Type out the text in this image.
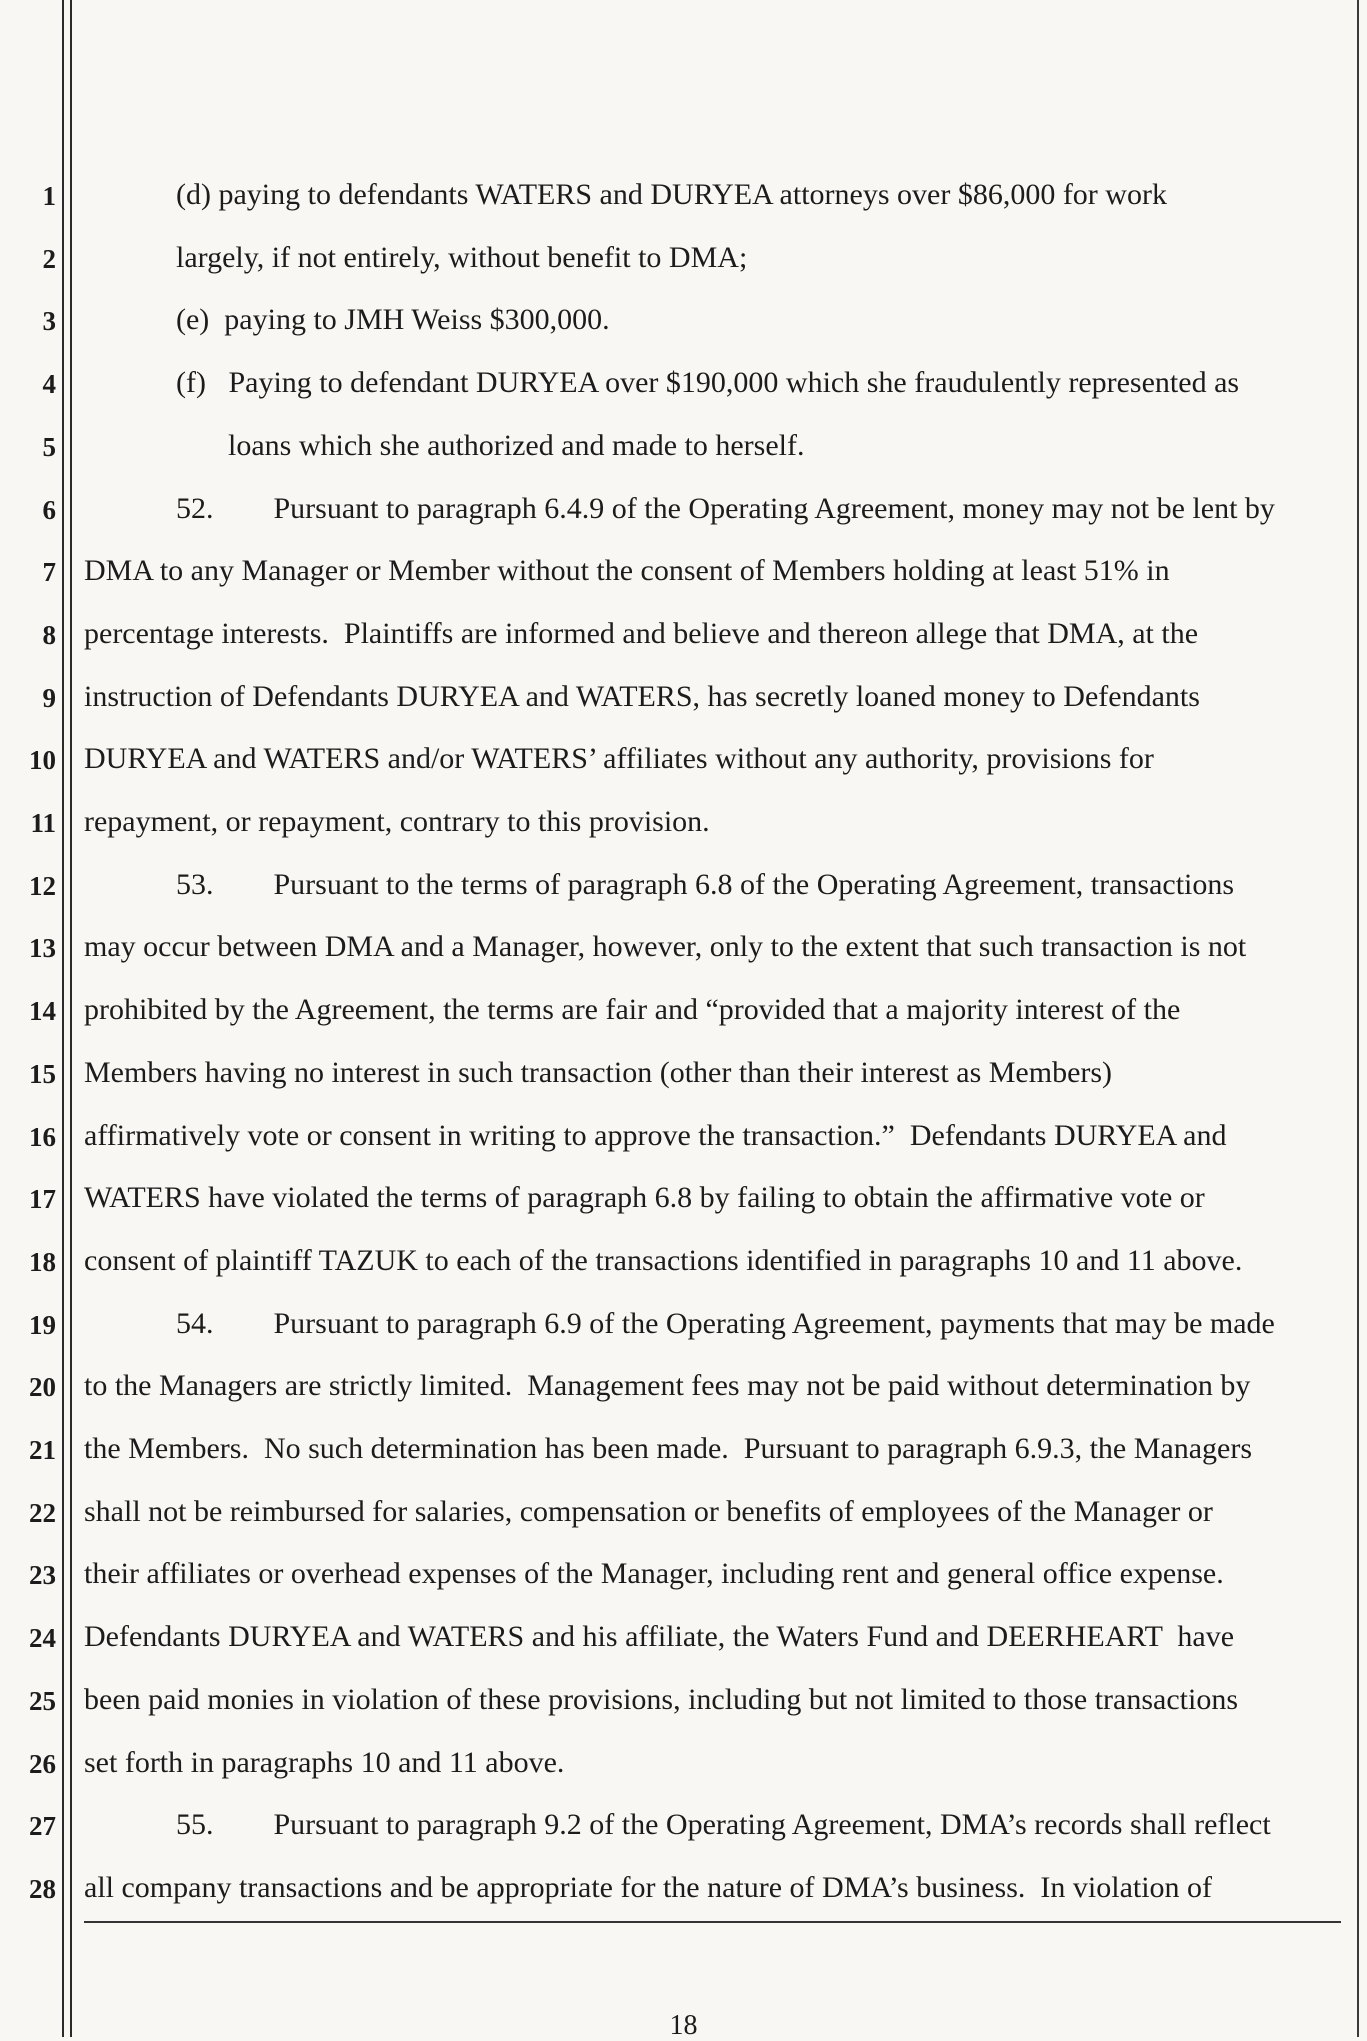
1
2
3
4
5
6
7
8
9
10
11
12
13
14
15
16
17
18
19
20
21
22
23
24
25
26
27
28
(d) paying to defendants WATERS and DURYEA attorneys over $86,000 for work
largely, if not entirely, without benefit to DMA;
(e)  paying to JMH Weiss $300,000.
(f)   Paying to defendant DURYEA over $190,000 which she fraudulently represented as
loans which she authorized and made to herself.
52.        Pursuant to paragraph 6.4.9 of the Operating Agreement, money may not be lent by
DMA to any Manager or Member without the consent of Members holding at least 51% in
percentage interests.  Plaintiffs are informed and believe and thereon allege that DMA, at the
instruction of Defendants DURYEA and WATERS, has secretly loaned money to Defendants
DURYEA and WATERS and/or WATERS’ affiliates without any authority, provisions for
repayment, or repayment, contrary to this provision.
53.        Pursuant to the terms of paragraph 6.8 of the Operating Agreement, transactions
may occur between DMA and a Manager, however, only to the extent that such transaction is not
prohibited by the Agreement, the terms are fair and “provided that a majority interest of the
Members having no interest in such transaction (other than their interest as Members)
affirmatively vote or consent in writing to approve the transaction.”  Defendants DURYEA and
WATERS have violated the terms of paragraph 6.8 by failing to obtain the affirmative vote or
consent of plaintiff TAZUK to each of the transactions identified in paragraphs 10 and 11 above.
54.        Pursuant to paragraph 6.9 of the Operating Agreement, payments that may be made
to the Managers are strictly limited.  Management fees may not be paid without determination by
the Members.  No such determination has been made.  Pursuant to paragraph 6.9.3, the Managers
shall not be reimbursed for salaries, compensation or benefits of employees of the Manager or
their affiliates or overhead expenses of the Manager, including rent and general office expense.
Defendants DURYEA and WATERS and his affiliate, the Waters Fund and DEERHEART  have
been paid monies in violation of these provisions, including but not limited to those transactions
set forth in paragraphs 10 and 11 above.
55.        Pursuant to paragraph 9.2 of the Operating Agreement, DMA’s records shall reflect
all company transactions and be appropriate for the nature of DMA’s business.  In violation of
18
